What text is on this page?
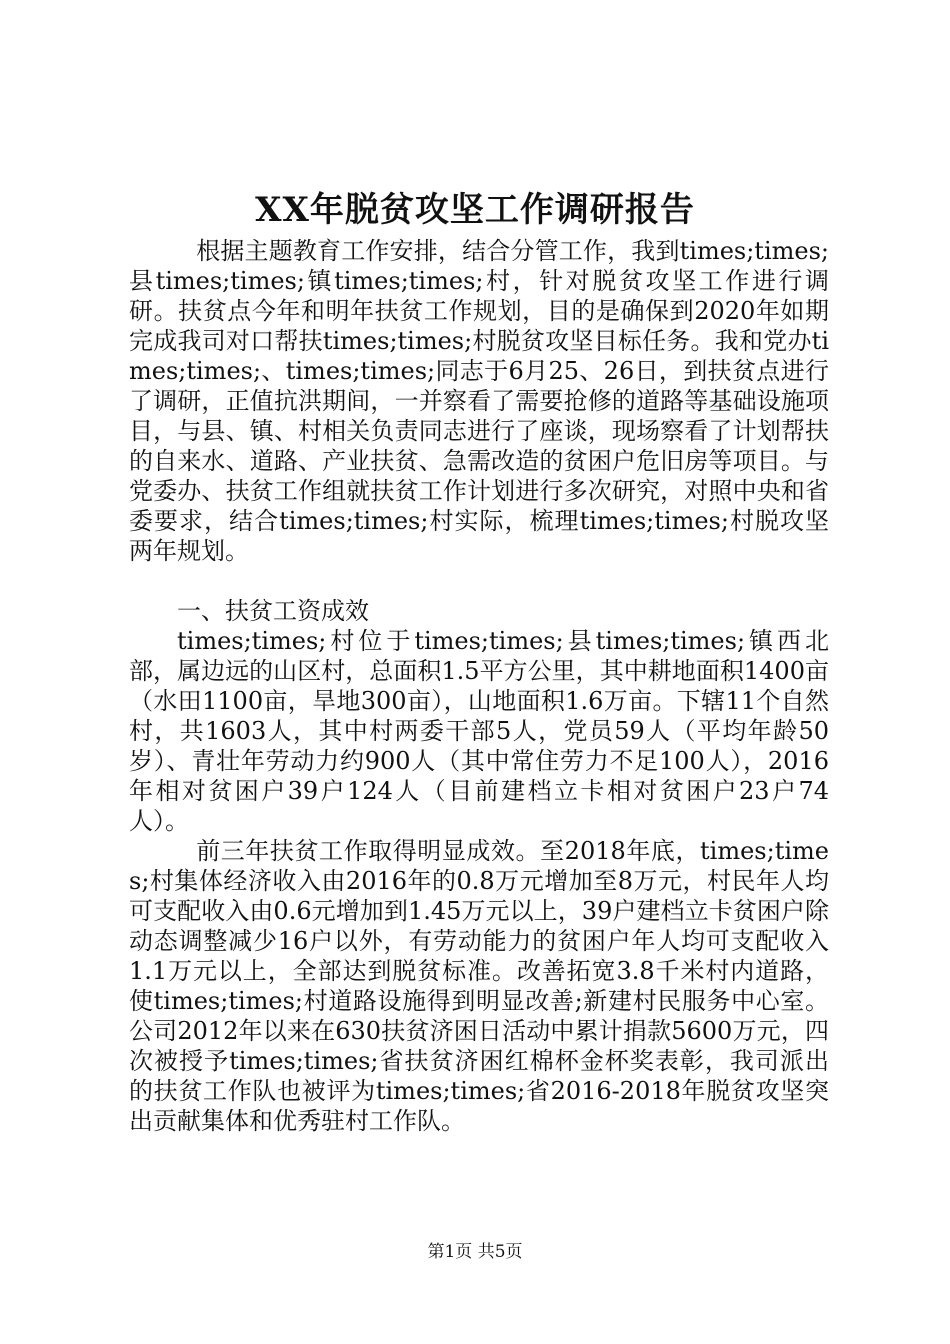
XX年脱贫攻坚工作调研报告

根据主题教育工作安排，结合分管工作，我到times;times;县times;times;镇times;times;村，针对脱贫攻坚工作进行调研。扶贫点今年和明年扶贫工作规划，目的是确保到2020年如期完成我司对口帮扶times;times;村脱贫攻坚目标任务。我和党办times;times;、times;times;同志于6月25、26日，到扶贫点进行了调研，正值抗洪期间，一并察看了需要抢修的道路等基础设施项目，与县、镇、村相关负责同志进行了座谈，现场察看了计划帮扶的自来水、道路、产业扶贫、急需改造的贫困户危旧房等项目。与党委办、扶贫工作组就扶贫工作计划进行多次研究，对照中央和省委要求，结合times;times;村实际，梳理times;times;村脱攻坚两年规划。

一、扶贫工资成效

times;times;村位于times;times;县times;times;镇西北部，属边远的山区村，总面积1.5平方公里，其中耕地面积1400亩（水田1100亩，旱地300亩），山地面积1.6万亩。下辖11个自然村，共1603人，其中村两委干部5人，党员59人（平均年龄50岁）、青壮年劳动力约900人（其中常住劳力不足100人），2016年相对贫困户39户124人（目前建档立卡相对贫困户23户74人）。

前三年扶贫工作取得明显成效。至2018年底，times;times;村集体经济收入由2016年的0.8万元增加至8万元，村民年人均可支配收入由0.6元增加到1.45万元以上，39户建档立卡贫困户除动态调整减少16户以外，有劳动能力的贫困户年人均可支配收入1.1万元以上，全部达到脱贫标准。改善拓宽3.8千米村内道路，使times;times;村道路设施得到明显改善;新建村民服务中心室。公司2012年以来在630扶贫济困日活动中累计捐款5600万元，四次被授予times;times;省扶贫济困红棉杯金杯奖表彰，我司派出的扶贫工作队也被评为times;times;省2016-2018年脱贫攻坚突出贡献集体和优秀驻村工作队。

第1页 共5页
